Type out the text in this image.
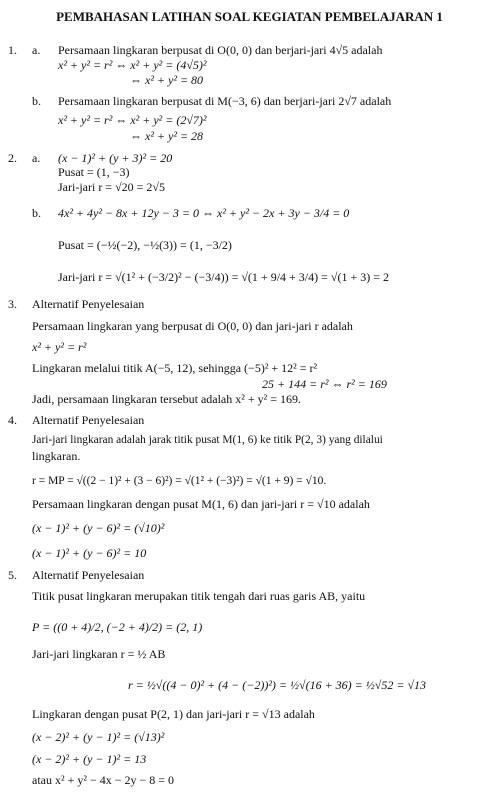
PEMBAHASAN LATIHAN SOAL KEGIATAN PEMBELAJARAN 1
1. a. Persamaan lingkaran berpusat di O(0, 0) dan berjari-jari 4√5 adalah
x² + y² = r² ⇔ x² + y² = (4√5)²
⇔ x² + y² = 80
b. Persamaan lingkaran berpusat di M(−3, 6) dan berjari-jari 2√7 adalah
x² + y² = r² ⇔ x² + y² = (2√7)²
⇔ x² + y² = 28
2. a. (x − 1)² + (y + 3)² = 20
Pusat = (1, −3)
Jari-jari r = √20 = 2√5
b. 4x² + 4y² − 8x + 12y − 3 = 0 ⇔ x² + y² − 2x + 3y − 3/4 = 0
Pusat = (−½(−2), −½(3)) = (1, −3/2)
Jari-jari r = √(1² + (−3/2)² − (−3/4)) = √(1 + 9/4 + 3/4) = √(1 + 3) = 2
3. Alternatif Penyelesaian
Persamaan lingkaran yang berpusat di O(0, 0) dan jari-jari r adalah
x² + y² = r²
Lingkaran melalui titik A(−5, 12), sehingga (−5)² + 12² = r²
25 + 144 = r² ⇔ r² = 169
Jadi, persamaan lingkaran tersebut adalah x² + y² = 169.
4. Alternatif Penyelesaian
Jari-jari lingkaran adalah jarak titik pusat M(1, 6) ke titik P(2, 3) yang dilalui
lingkaran.
r = MP = √((2 − 1)² + (3 − 6)²) = √(1² + (−3)²) = √(1 + 9) = √10.
Persamaan lingkaran dengan pusat M(1, 6) dan jari-jari r = √10 adalah
(x − 1)² + (y − 6)² = (√10)²
(x − 1)² + (y − 6)² = 10
5. Alternatif Penyelesaian
Titik pusat lingkaran merupakan titik tengah dari ruas garis AB, yaitu
P = ((0 + 4)/2, (−2 + 4)/2) = (2, 1)
Jari-jari lingkaran r = ½ AB
r = ½√((4 − 0)² + (4 − (−2))²) = ½√(16 + 36) = ½√52 = √13
Lingkaran dengan pusat P(2, 1) dan jari-jari r = √13 adalah
(x − 2)² + (y − 1)² = (√13)²
(x − 2)² + (y − 1)² = 13
atau x² + y² − 4x − 2y − 8 = 0
